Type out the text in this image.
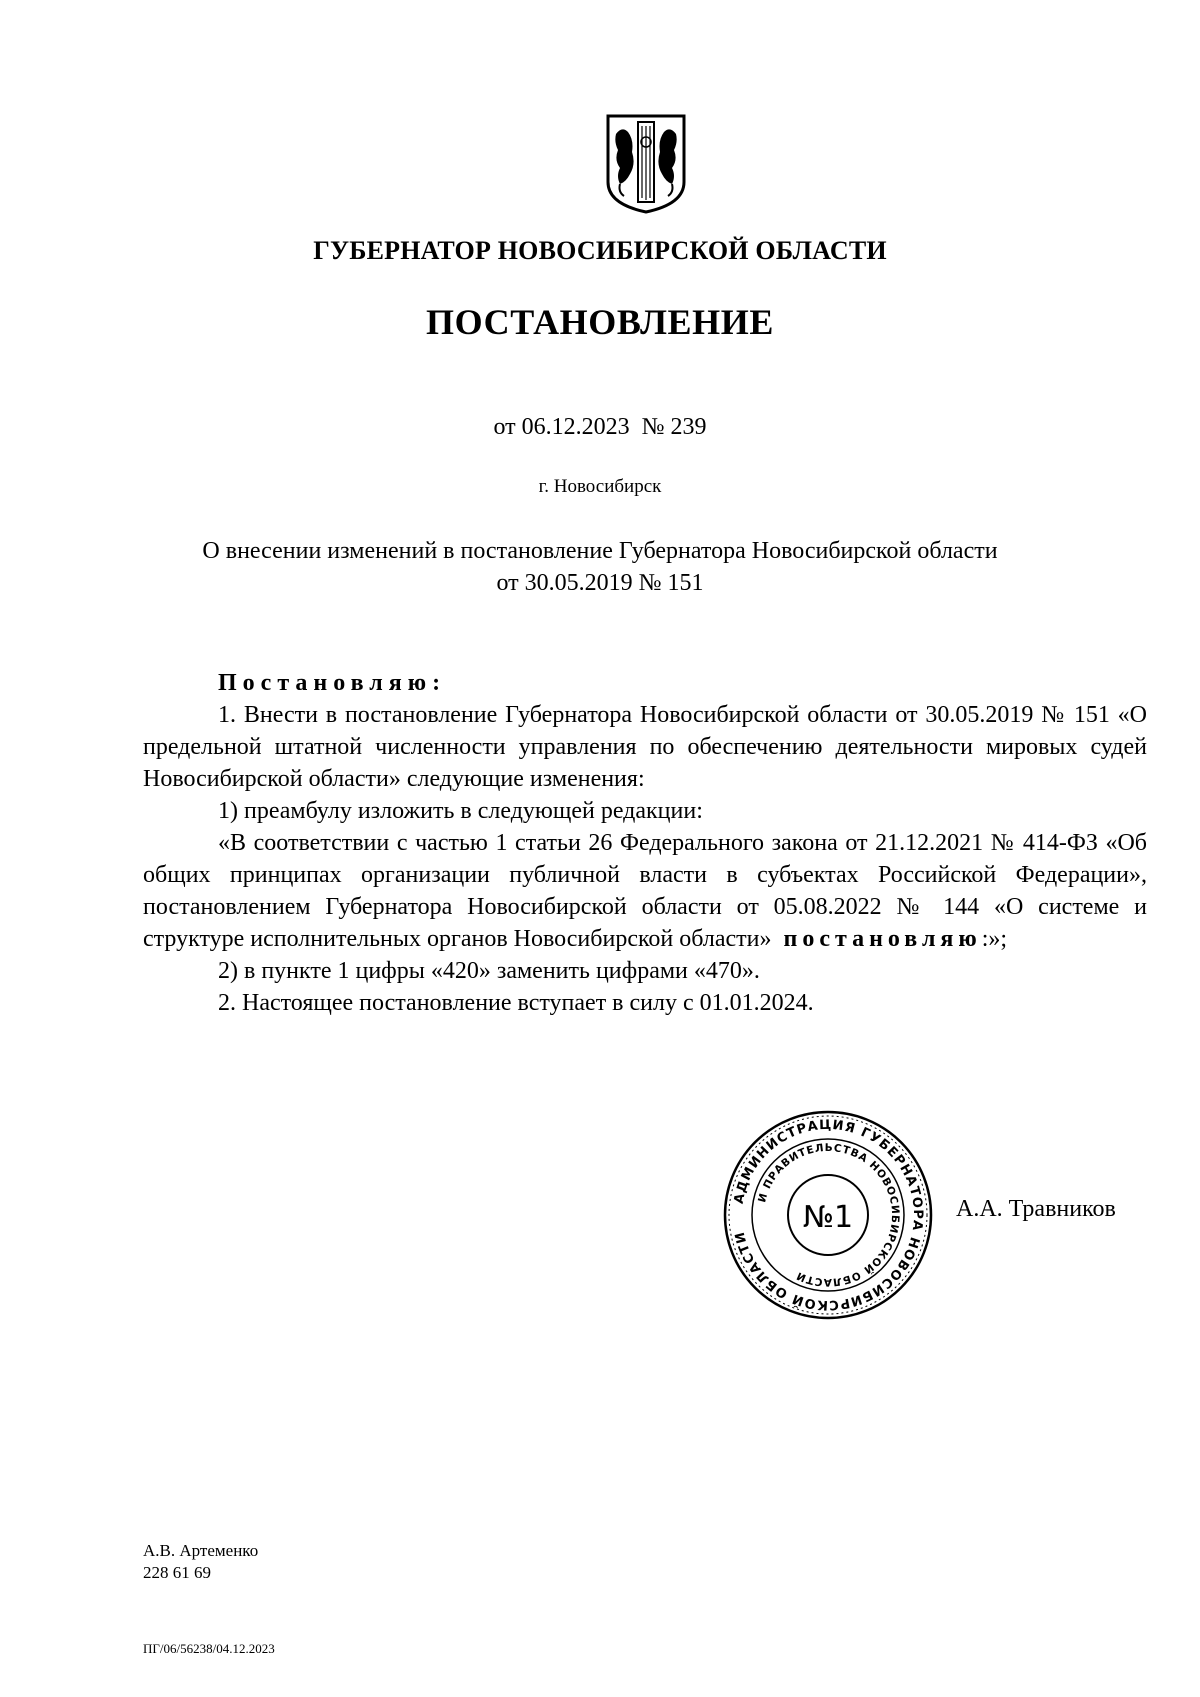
ГУБЕРНАТОР НОВОСИБИРСКОЙ ОБЛАСТИ
ПОСТАНОВЛЕНИЕ
от 06.12.2023  № 239
г. Новосибирск
О внесении изменений в постановление Губернатора Новосибирской области
от 30.05.2019 № 151

Постановляю:

1. Внести в постановление Губернатора Новосибирской области от 30.05.2019 № 151 «О предельной штатной численности управления по обеспечению деятельности мировых судей Новосибирской области» следующие изменения:

1) преамбулу изложить в следующей редакции:

«В соответствии с частью 1 статьи 26 Федерального закона от 21.12.2021 № 414-ФЗ «Об общих принципах организации публичной власти в субъектах Российской Федерации», постановлением Губернатора Новосибирской области от 05.08.2022 № 144 «О системе и структуре исполнительных органов Новосибирской области» постановляю:»;

2) в пункте 1 цифры «420» заменить цифрами «470».

2. Настоящее постановление вступает в силу с 01.01.2024.

АДМИНИСТРАЦИЯ ГУБЕРНАТОРА НОВОСИБИРСКОЙ ОБЛАСТИ
И ПРАВИТЕЛЬСТВА НОВОСИБИРСКОЙ ОБЛАСТИ
№1	А.А. Травников
А.В. Артеменко
228 61 69
ПГ/06/56238/04.12.2023
